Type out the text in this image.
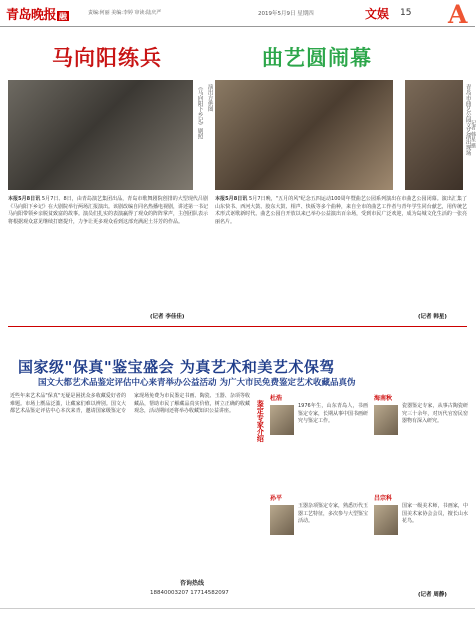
青岛晚报 融	责编:何丽 美编:李婷 审读:陆庆严	2019年5月9日 星期四	文娱 15 A
马向阳练兵	曲艺圆闹幕
《马向阳下乡记》剧照 演出方供图	青岛市曲艺公园文艺演出现场 记者 韩星 摄
本报5月8日讯 5月7日、8日，由青岛演艺集团出品，青岛市歌舞剧院创排的大型现代吕剧《马向阳下乡记》在大剧院举行两场汇报演出。该剧改编自同名热播电视剧，讲述第一书记马向阳带领乡亲脱贫致富的故事。演员们扎实的表演赢得了观众的阵阵掌声，主创团队表示将根据观众意见继续打磨提升，力争让更多观众看到这部充满泥土芬芳的作品。
(记者 李佳佳)
本报5月8日讯 5月7日晚，"五月的风"纪念五四运动100周年暨曲艺公园系列演出在市曲艺公园闭幕。演出汇集了山东快书、西河大鼓、胶东大鼓、相声、快板等多个曲种，来自全市的曲艺工作者与青年学生同台献艺，用传统艺术形式讴歌新时代。曲艺公园自开放以来已举办公益演出百余场，受到市民广泛欢迎，成为岛城文化生活的一张亮丽名片。
(记者 韩星)
国家级"保真"鉴宝盛会 为真艺术和美艺术保驾
国文大都艺术品鉴定评估中心来青举办公益活动 为广大市民免费鉴定艺术收藏品真伪
近些年来艺术品"保真"无疑是困扰众多收藏爱好者的难题。市场上赝品泛滥，让藏家们难以辨别。国文大都艺术品鉴定评估中心本次来青，邀请国家级鉴定专家现场免费为市民鉴定书画、陶瓷、玉器、杂项等收藏品，帮助市民了解藏品真实价值，树立正确的收藏观念，活动期间还将举办收藏知识公益讲座。	鉴定专家介绍
杜浩
1976年生，山东青岛人，书画鉴定专家，长期从事中国书画研究与鉴定工作。
海南秋
瓷器鉴定专家，从事古陶瓷研究三十余年，对历代官窑民窑器物有深入研究。
孙平
玉器杂项鉴定专家，熟悉历代玉器工艺特征，多次参与大型鉴宝活动。
吕宗科
国家一级美术师，书画家，中国美术家协会会员，擅长山水花鸟。
咨询热线
18840003207 17714582097	(记者 周静)
